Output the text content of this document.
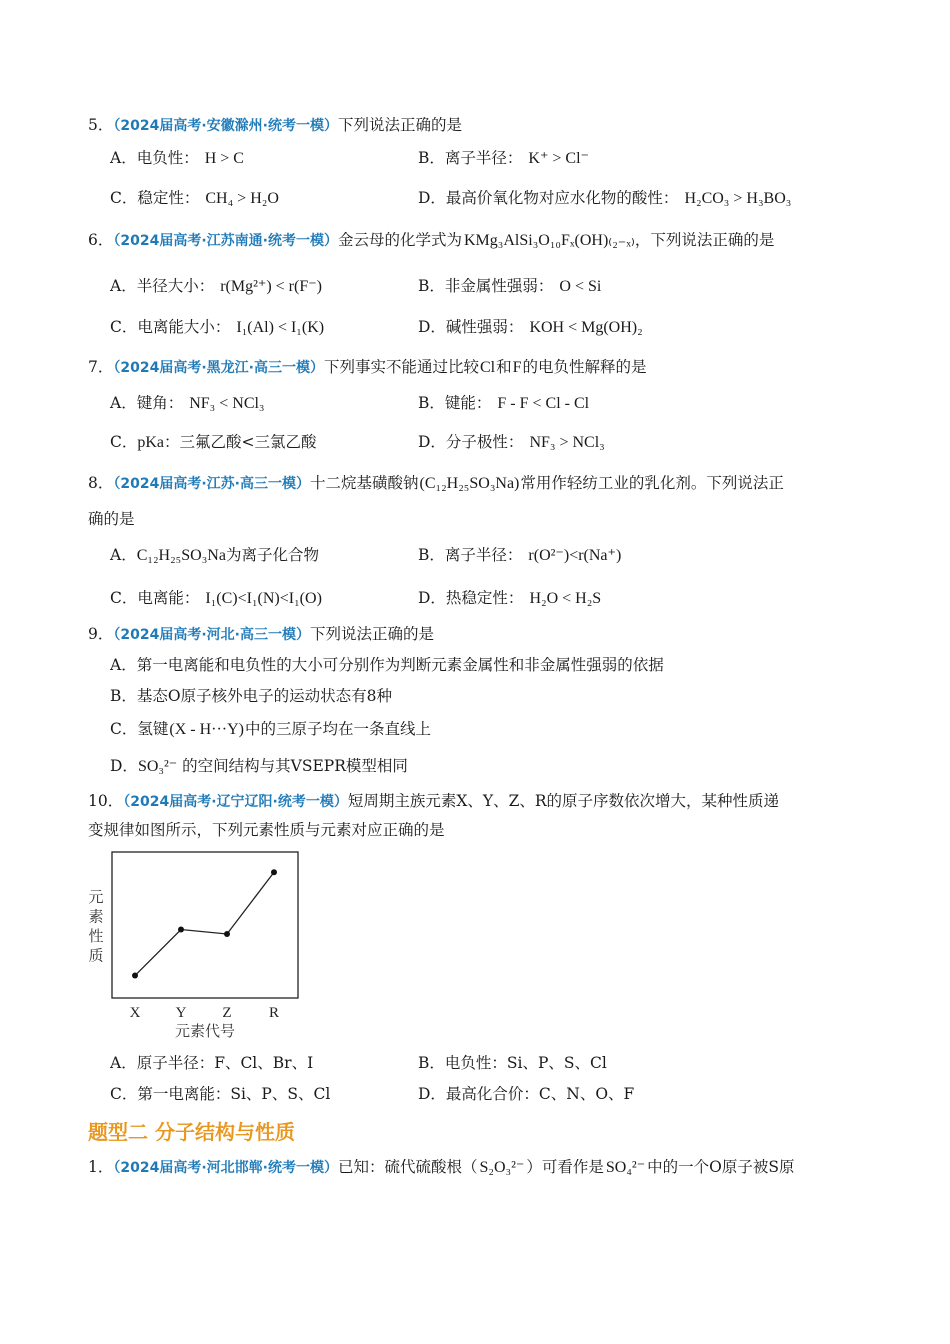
5．（2024届高考·安徽滁州·统考一模）下列说法正确的是
A．电负性： H > C	B．离子半径： K⁺ > Cl⁻
C．稳定性： CH₄ > H₂O	D．最高价氧化物对应水化物的酸性： H₂CO₃ > H₃BO₃
6．（2024届高考·江苏南通·统考一模）金云母的化学式为 KMg₃AlSi₃O₁₀Fₓ(OH)₍₂₋ₓ₎，下列说法正确的是
A．半径大小： r(Mg²⁺) < r(F⁻)	B．非金属性强弱： O < Si
C．电离能大小： I₁(Al) < I₁(K)	D．碱性强弱： KOH < Mg(OH)₂
7．（2024届高考·黑龙江·高三一模）下列事实不能通过比较Cl和F的电负性解释的是
A．键角： NF₃ < NCl₃	B．键能： F - F < Cl - Cl
C．pKa：三氟乙酸<三氯乙酸	D．分子极性： NF₃ > NCl₃
8．（2024届高考·江苏·高三一模）十二烷基磺酸钠(C₁₂H₂₅SO₃Na)常用作轻纺工业的乳化剂。下列说法正
确的是
A．C₁₂H₂₅SO₃Na为离子化合物	B．离子半径： r(O²⁻)<r(Na⁺)
C．电离能： I₁(C)<I₁(N)<I₁(O)	D．热稳定性： H₂O < H₂S
9．（2024届高考·河北·高三一模）下列说法正确的是
A．第一电离能和电负性的大小可分别作为判断元素金属性和非金属性强弱的依据
B．基态O原子核外电子的运动状态有8种
C．氢键(X - H···Y)中的三原子均在一条直线上
D．SO₃²⁻ 的空间结构与其VSEPR模型相同
10．（2024届高考·辽宁辽阳·统考一模）短周期主族元素X、Y、Z、R的原子序数依次增大，某种性质递
变规律如图所示，下列元素性质与元素对应正确的是
元
素
性
质
X Y Z R
元素代号
A．原子半径：F、Cl、Br、I	B．电负性：Si、P、S、Cl
C．第一电离能：Si、P、S、Cl	D．最高化合价：C、N、O、F
题型二 分子结构与性质
1．（2024届高考·河北邯郸·统考一模）已知：硫代硫酸根（ S₂O₃²⁻ ）可看作是 SO₄²⁻ 中的一个O原子被S原
